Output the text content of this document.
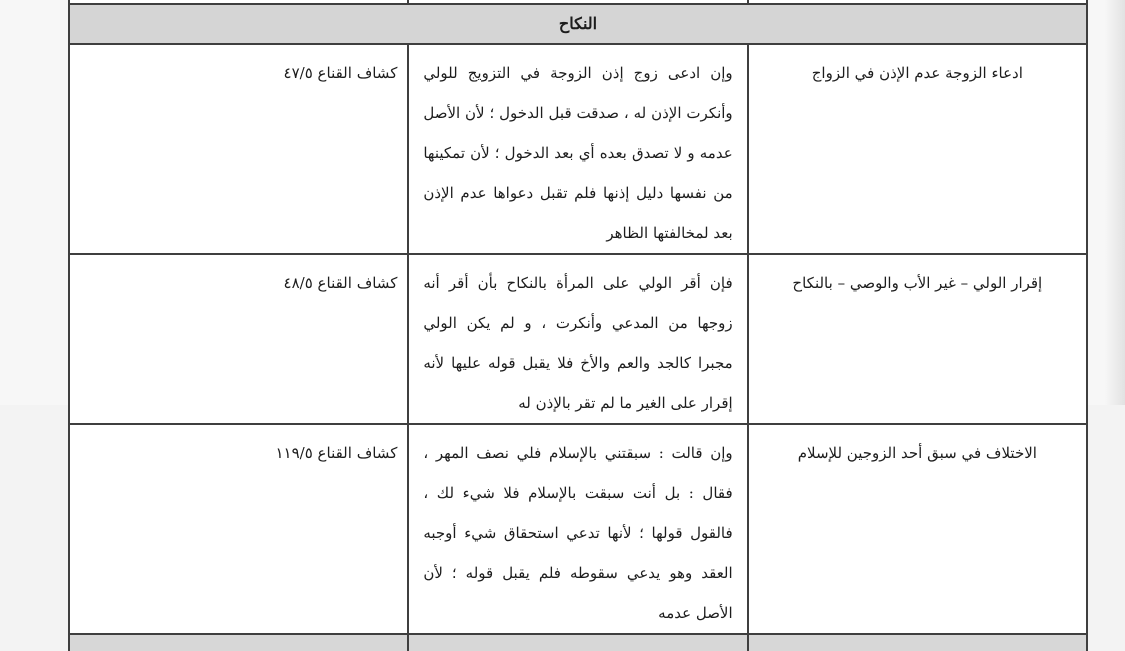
النكاح		

ادعاء الزوجة عدم الإذن في الزواج	وإن ادعى زوج إذن الزوجة في التزويج للولي وأنكرت الإذن له ، صدقت قبل الدخول ؛ لأن الأصل عدمه و لا تصدق بعده أي بعد الدخول ؛ لأن تمكينها من نفسها دليل إذنها فلم تقبل دعواها عدم الإذن بعد لمخالفتها الظاهر	كشاف القناع ٤٧/٥

إقرار الولي – غير الأب والوصي – بالنكاح	فإن أقر الولي على المرأة بالنكاح بأن أقر أنه زوجها من المدعي وأنكرت ، و لم يكن الولي مجبرا كالجد والعم والأخ فلا يقبل قوله عليها لأنه إقرار على الغير ما لم تقر بالإذن له	كشاف القناع ٤٨/٥

الاختلاف في سبق أحد الزوجين للإسلام	وإن قالت : سبقتني بالإسلام فلي نصف المهر ، فقال : بل أنت سبقت بالإسلام فلا شيء لك ، فالقول قولها ؛ لأنها تدعي استحقاق شيء أوجبه العقد وهو يدعي سقوطه فلم يقبل قوله ؛ لأن الأصل عدمه	كشاف القناع ١١٩/٥
